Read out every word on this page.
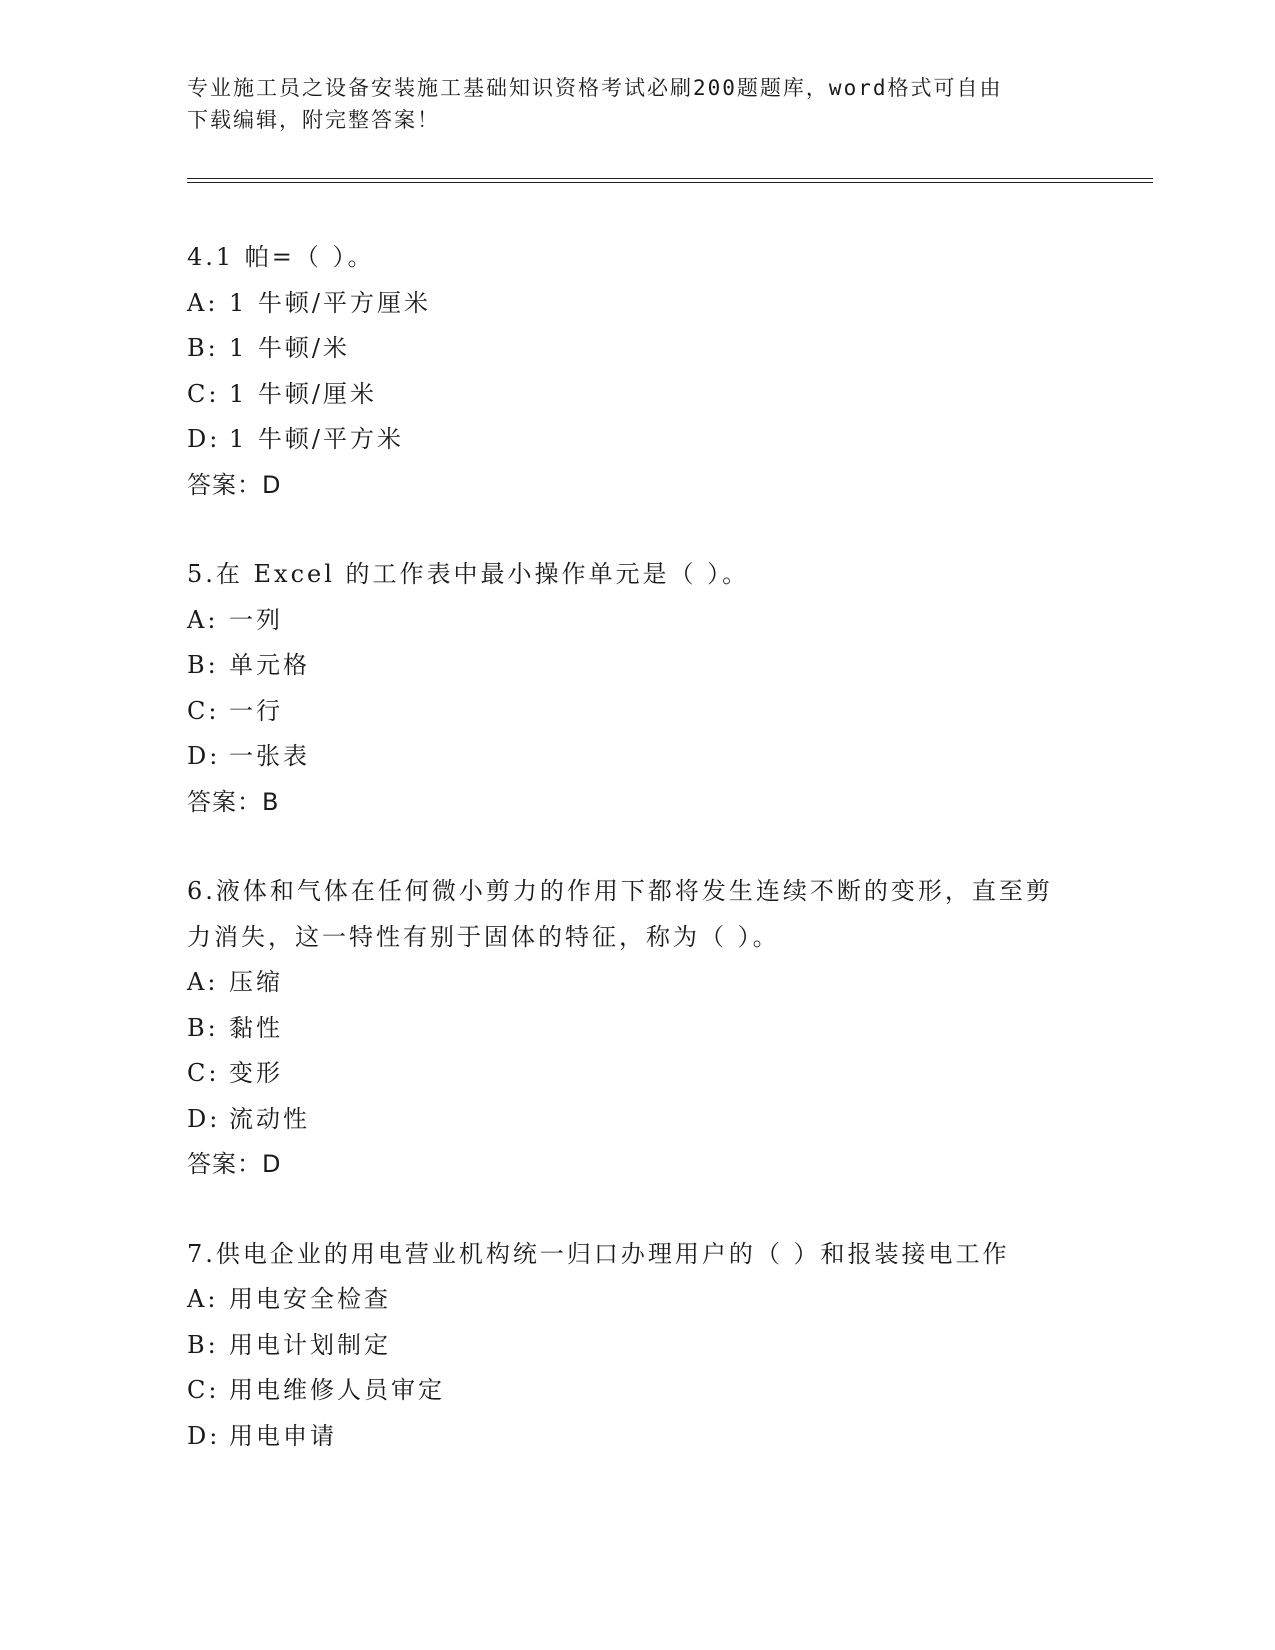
专业施工员之设备安装施工基础知识资格考试必刷200题题库，word格式可自由
下载编辑，附完整答案！
4.1 帕=（ ）。
A: 1 牛顿/平方厘米
B: 1 牛顿/米
C: 1 牛顿/厘米
D: 1 牛顿/平方米
答案：D
5.在 Excel 的工作表中最小操作单元是（ ）。
A: 一列
B: 单元格
C: 一行
D: 一张表
答案：B
6.液体和气体在任何微小剪力的作用下都将发生连续不断的变形，直至剪力消失，这一特性有别于固体的特征，称为（ ）。
A: 压缩
B: 黏性
C: 变形
D: 流动性
答案：D
7.供电企业的用电营业机构统一归口办理用户的（ ）和报装接电工作
A: 用电安全检查
B: 用电计划制定
C: 用电维修人员审定
D: 用电申请
